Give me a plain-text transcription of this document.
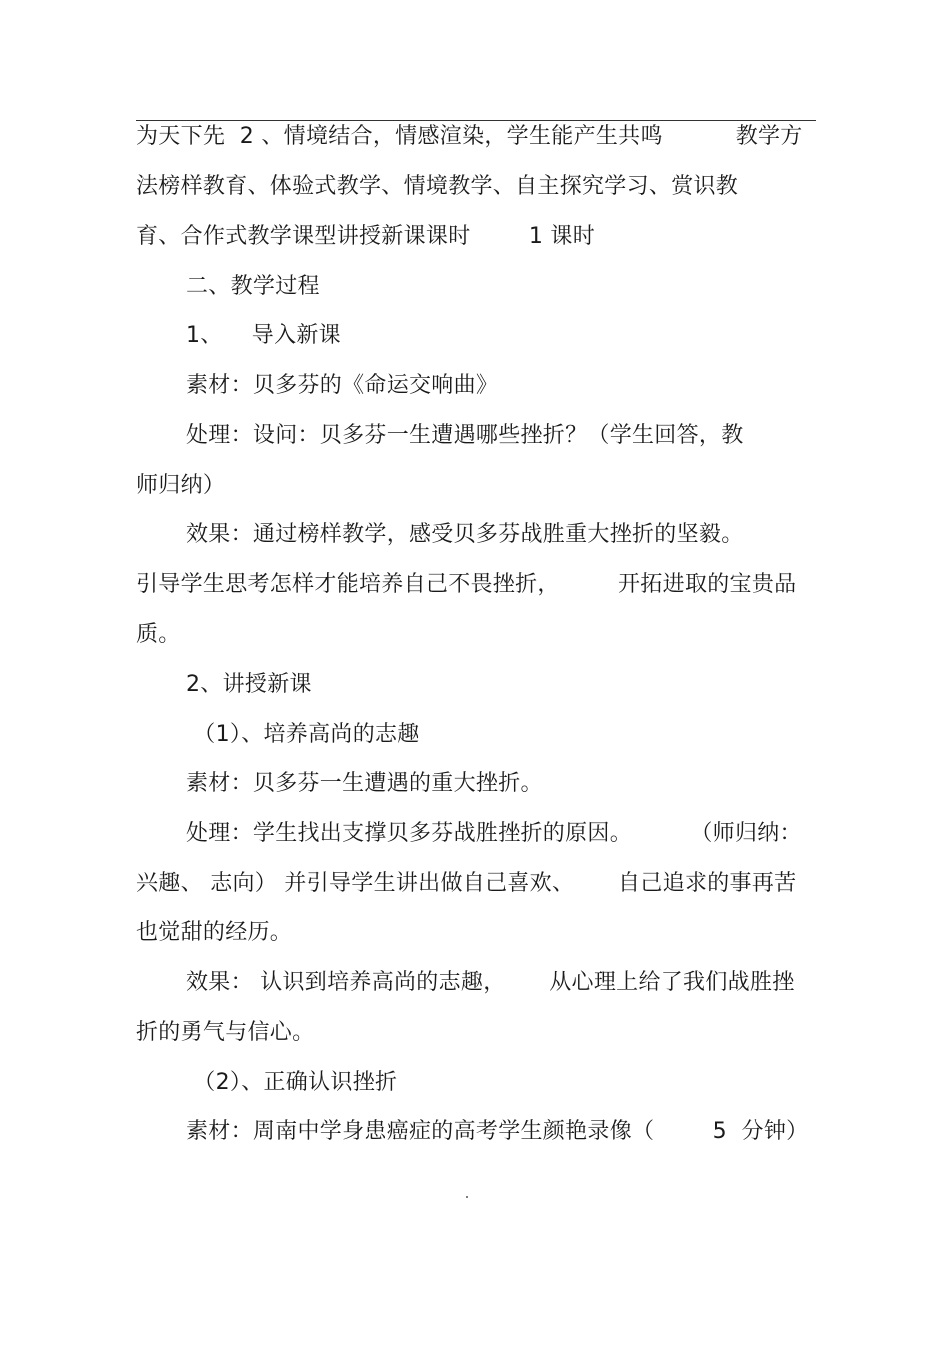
为天下先  2 、情境结合，情感渲染，学生能产生共鸣          教学方
法榜样教育、体验式教学、情境教学、自主探究学习、赏识教
育、合作式教学课型讲授新课课时        1 课时
二、教学过程
1、    导入新课
素材：贝多芬的《命运交响曲》
处理：设问：贝多芬一生遭遇哪些挫折？（学生回答，教
师归纳）
效果：通过榜样教学，感受贝多芬战胜重大挫折的坚毅。
引导学生思考怎样才能培养自己不畏挫折，        开拓进取的宝贵品
质。
2、讲授新课
（1）、培养高尚的志趣
素材：贝多芬一生遭遇的重大挫折。
处理：学生找出支撑贝多芬战胜挫折的原因。        （师归纳：
兴趣、 志向） 并引导学生讲出做自己喜欢、      自己追求的事再苦
也觉甜的经历。
效果： 认识到培养高尚的志趣，      从心理上给了我们战胜挫
折的勇气与信心。
（2）、正确认识挫折
素材：周南中学身患癌症的高考学生颜艳录像（        5  分钟）
